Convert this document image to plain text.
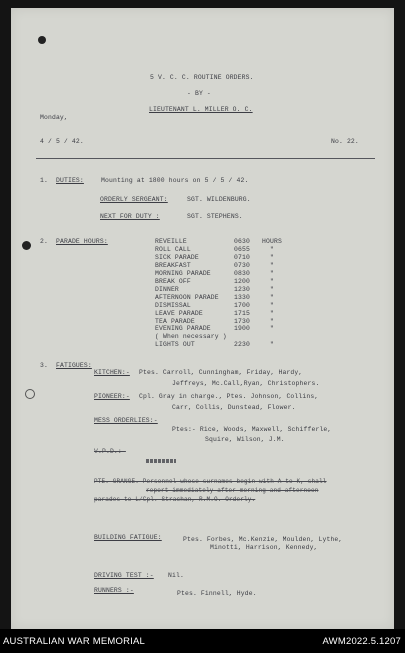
5 V. C. C. ROUTINE ORDERS.
- BY -
LIEUTENANT L. MILLER O. C.
Monday,
4 / 5 / 42.	No. 22.
1. DUTIES:	Mounting at 1800 hours on 5 / 5 / 42.
ORDERLY SERGEANT:	SGT. WILDENBURG.
NEXT FOR DUTY :	SGT. STEPHENS.
2. PARADE HOURS:	REVEILLE	0630 HOURS
ROLL CALL	0655	"
SICK PARADE	0710	"
BREAKFAST	0730	"
MORNING PARADE	0830	"
BREAK OFF	1200	"
DINNER	1230	"
AFTERNOON PARADE 1330	"
DISMISSAL	1700	"
LEAVE PARADE	1715	"
TEA PARADE	1730	"
EVENING PARADE	1900	"
( When necessary )
LIGHTS OUT	2230	"
3. FATIGUES:
KITCHEN:- Ptes. Carroll, Cunningham, Friday, Hardy,
Jeffreys, Mc.Call,Ryan, Christophers.
PIONEER:- Cpl. Gray in charge., Ptes. Johnson, Collins,
Carr, Collis, Dunstead, Flower.
MESS ORDERLIES:-
Ptes:- Rice, Woods, Maxwell, Schifferle,
Squire, Wilson, J.M.
V.P.D.:-
PTE. GRANGE. Personnel whose surnames begin with A to K, shall
report immediately after morning and afternoon
parades to L/Cpl. Strachan, R.M.O. Orderly.
BUILDING FATIGUE:	Ptes. Forbes, Mc.Kenzie, Moulden, Lythe,
Minotti, Harrison, Kennedy,
DRIVING TEST :- Nil.
RUNNERS :-	Ptes. Finnell, Hyde.
AUSTRALIAN WAR MEMORIAL	AWM2022.5.1207
